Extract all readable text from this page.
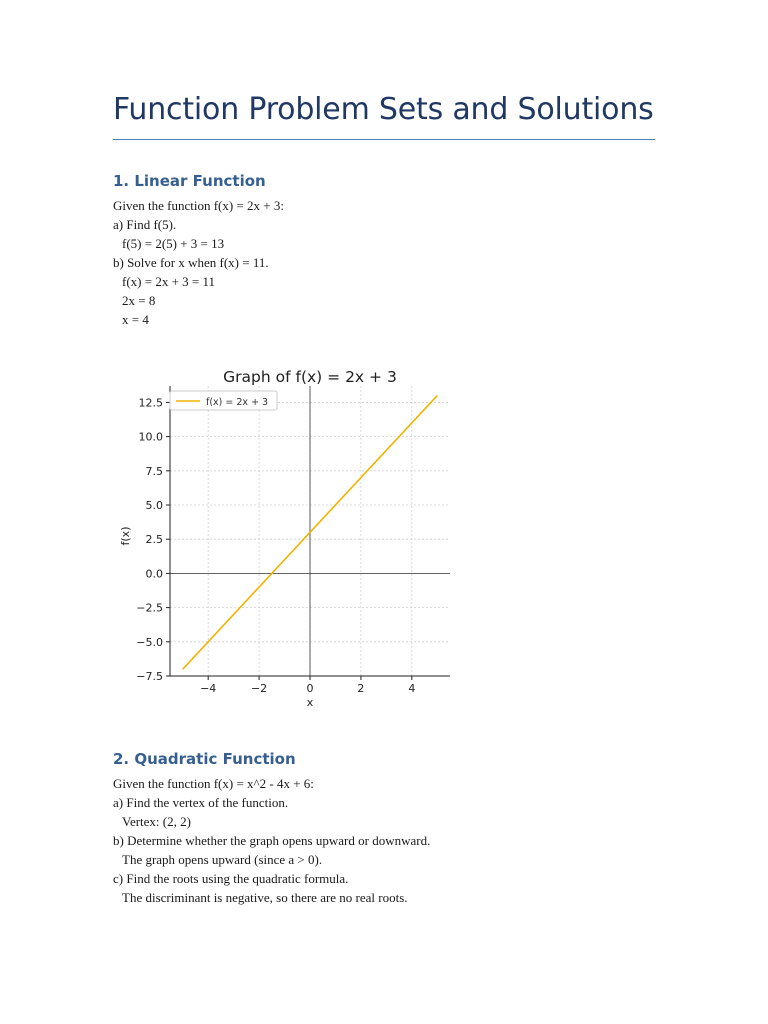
Function Problem Sets and Solutions
1. Linear Function
Given the function f(x) = 2x + 3:
a) Find f(5).
f(5) = 2(5) + 3 = 13
b) Solve for x when f(x) = 11.
f(x) = 2x + 3 = 11
2x = 8
x = 4
−4	−2	0	2	4
−7.5
−5.0
−2.5
0.0
2.5
5.0
7.5
10.0
12.5
Graph of f(x) = 2x + 3
x
f(x)
f(x) = 2x + 3
2. Quadratic Function
Given the function f(x) = x^2 - 4x + 6:
a) Find the vertex of the function.
Vertex: (2, 2)
b) Determine whether the graph opens upward or downward.
The graph opens upward (since a > 0).
c) Find the roots using the quadratic formula.
The discriminant is negative, so there are no real roots.
